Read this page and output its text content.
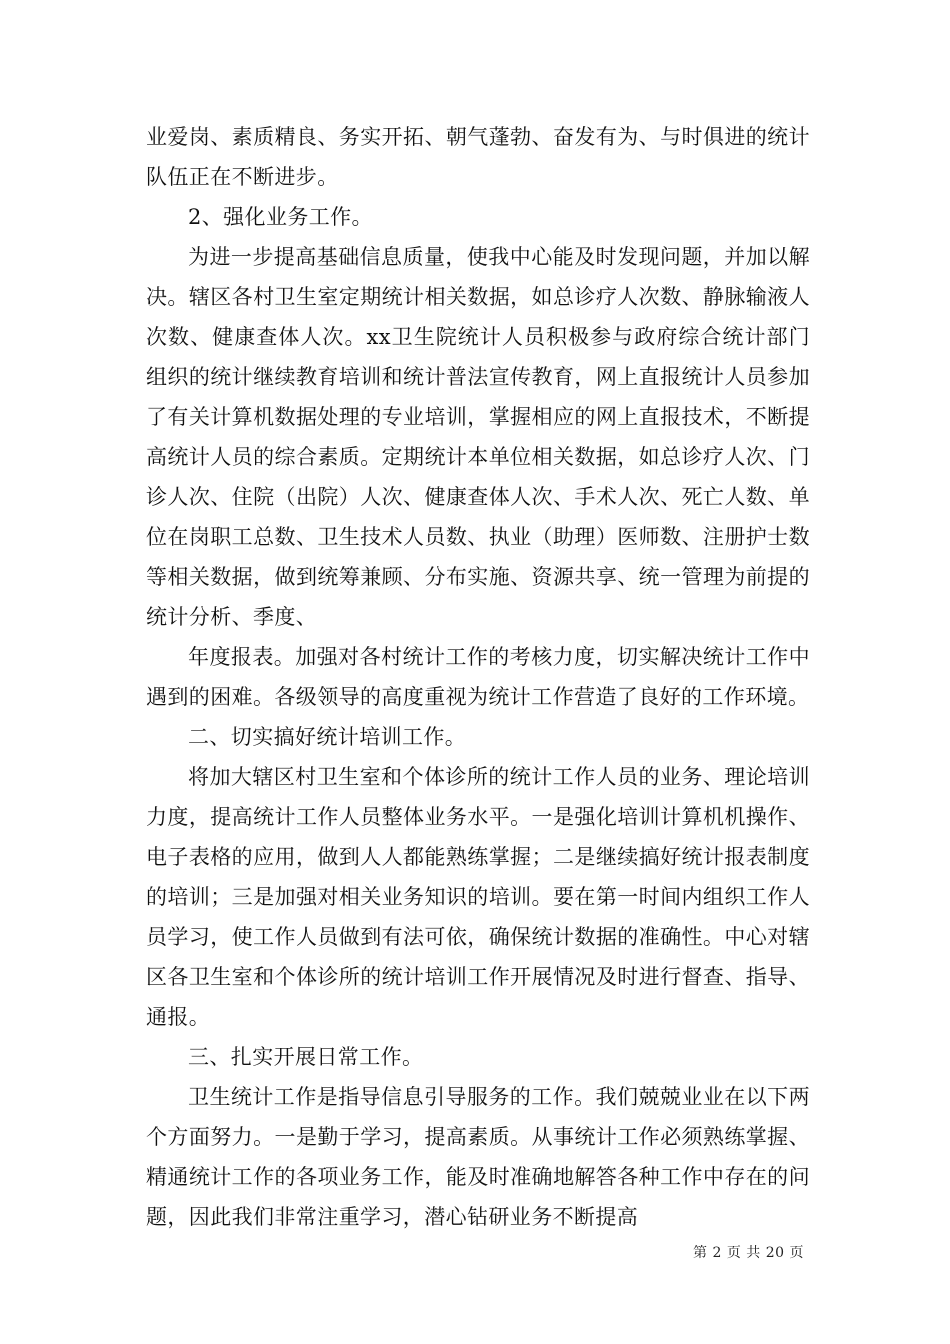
业爱岗、素质精良、务实开拓、朝气蓬勃、奋发有为、与时俱进的统计队伍正在不断进步。

2、强化业务工作。

为进一步提高基础信息质量，使我中心能及时发现问题，并加以解决。辖区各村卫生室定期统计相关数据，如总诊疗人次数、静脉输液人次数、健康查体人次。xx卫生院统计人员积极参与政府综合统计部门组织的统计继续教育培训和统计普法宣传教育，网上直报统计人员参加了有关计算机数据处理的专业培训，掌握相应的网上直报技术，不断提高统计人员的综合素质。定期统计本单位相关数据，如总诊疗人次、门诊人次、住院（出院）人次、健康查体人次、手术人次、死亡人数、单位在岗职工总数、卫生技术人员数、执业（助理）医师数、注册护士数等相关数据，做到统筹兼顾、分布实施、资源共享、统一管理为前提的统计分析、季度、

年度报表。加强对各村统计工作的考核力度，切实解决统计工作中遇到的困难。各级领导的高度重视为统计工作营造了良好的工作环境。

二、切实搞好统计培训工作。

将加大辖区村卫生室和个体诊所的统计工作人员的业务、理论培训力度，提高统计工作人员整体业务水平。一是强化培训计算机机操作、电子表格的应用，做到人人都能熟练掌握；二是继续搞好统计报表制度的培训；三是加强对相关业务知识的培训。要在第一时间内组织工作人员学习，使工作人员做到有法可依，确保统计数据的准确性。中心对辖区各卫生室和个体诊所的统计培训工作开展情况及时进行督查、指导、通报。

三、扎实开展日常工作。

卫生统计工作是指导信息引导服务的工作。我们兢兢业业在以下两个方面努力。一是勤于学习，提高素质。从事统计工作必须熟练掌握、精通统计工作的各项业务工作，能及时准确地解答各种工作中存在的问题，因此我们非常注重学习，潜心钻研业务不断提高

第 2 页 共 20 页
